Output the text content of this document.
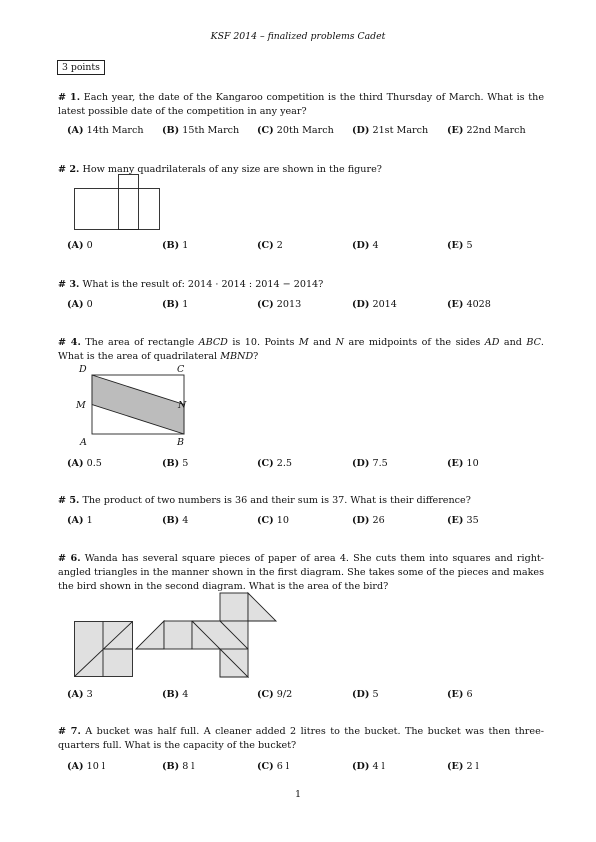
KSF 2014 – finalized problems Cadet
3 points
# 1. Each year, the date of the Kangaroo competition is the third Thursday of March. What is the latest possible date of the competition in any year?
(A) 14th March (B) 15th March (C) 20th March (D) 21st March (E) 22nd March
# 2. How many quadrilaterals of any size are shown in the figure?
(A) 0	(B) 1	(C) 2	(D) 4	(E) 5
# 3. What is the result of: 2014 · 2014 : 2014 − 2014?
(A) 0	(B) 1	(C) 2013	(D) 2014	(E) 4028
# 4. The area of rectangle ABCD is 10. Points M and N are midpoints of the sides AD and BC. What is the area of quadrilateral MBND?
D	C
M	N
A	B
(A) 0.5	(B) 5	(C) 2.5	(D) 7.5	(E) 10
# 5. The product of two numbers is 36 and their sum is 37. What is their difference?
(A) 1	(B) 4	(C) 10	(D) 26	(E) 35
# 6. Wanda has several square pieces of paper of area 4. She cuts them into squares and right-angled triangles in the manner shown in the first diagram. She takes some of the pieces and makes the bird shown in the second diagram. What is the area of the bird?
(A) 3	(B) 4	(C) 9/2	(D) 5	(E) 6
# 7. A bucket was half full. A cleaner added 2 litres to the bucket. The bucket was then three-quarters full. What is the capacity of the bucket?
(A) 10 l	(B) 8 l	(C) 6 l	(D) 4 l	(E) 2 l
1
